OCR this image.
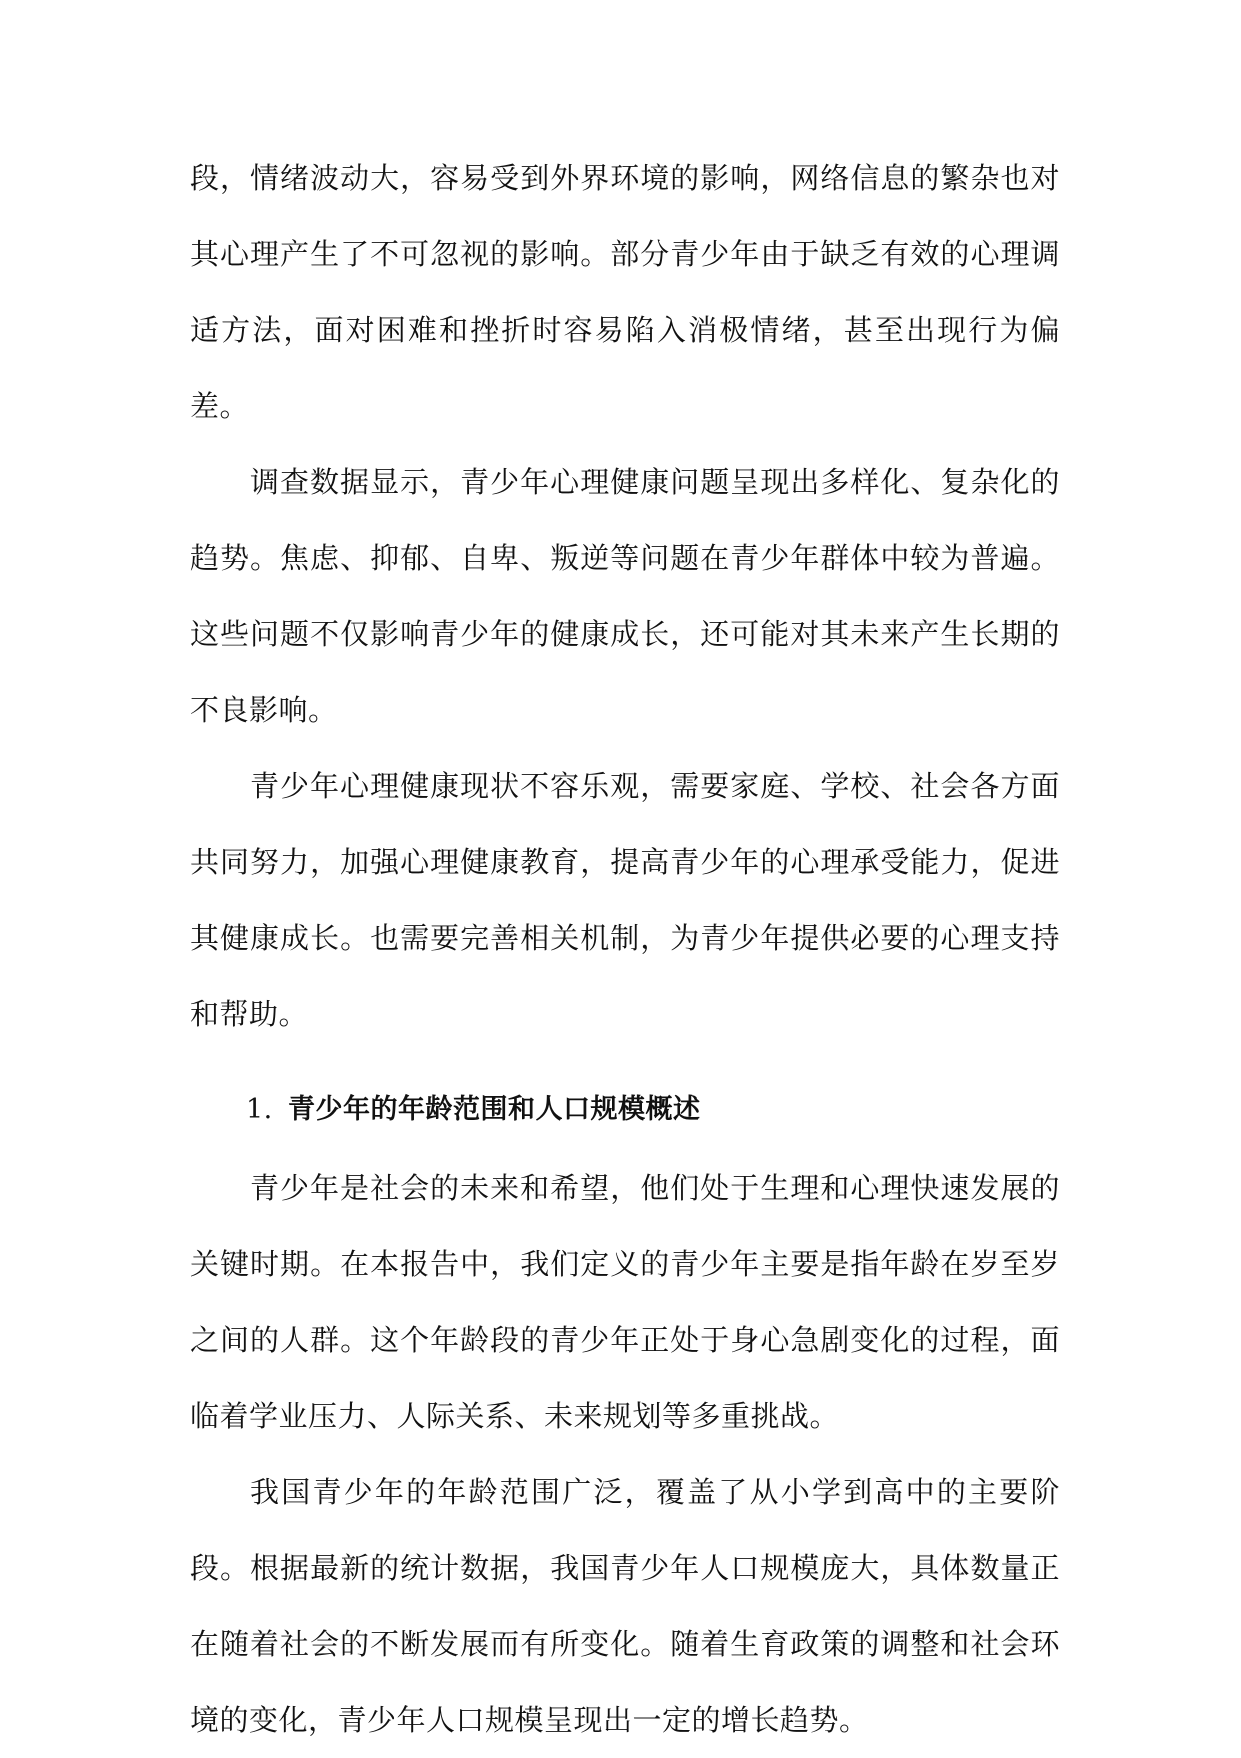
段，情绪波动大，容易受到外界环境的影响，网络信息的繁杂也对其心理产生了不可忽视的影响。部分青少年由于缺乏有效的心理调适方法，面对困难和挫折时容易陷入消极情绪，甚至出现行为偏差。

调查数据显示，青少年心理健康问题呈现出多样化、复杂化的趋势。焦虑、抑郁、自卑、叛逆等问题在青少年群体中较为普遍。这些问题不仅影响青少年的健康成长，还可能对其未来产生长期的不良影响。

青少年心理健康现状不容乐观，需要家庭、学校、社会各方面共同努力，加强心理健康教育，提高青少年的心理承受能力，促进其健康成长。也需要完善相关机制，为青少年提供必要的心理支持和帮助。

1. 青少年的年龄范围和人口规模概述

青少年是社会的未来和希望，他们处于生理和心理快速发展的关键时期。在本报告中，我们定义的青少年主要是指年龄在岁至岁之间的人群。这个年龄段的青少年正处于身心急剧变化的过程，面临着学业压力、人际关系、未来规划等多重挑战。

我国青少年的年龄范围广泛，覆盖了从小学到高中的主要阶段。根据最新的统计数据，我国青少年人口规模庞大，具体数量正在随着社会的不断发展而有所变化。随着生育政策的调整和社会环境的变化，青少年人口规模呈现出一定的增长趋势。
